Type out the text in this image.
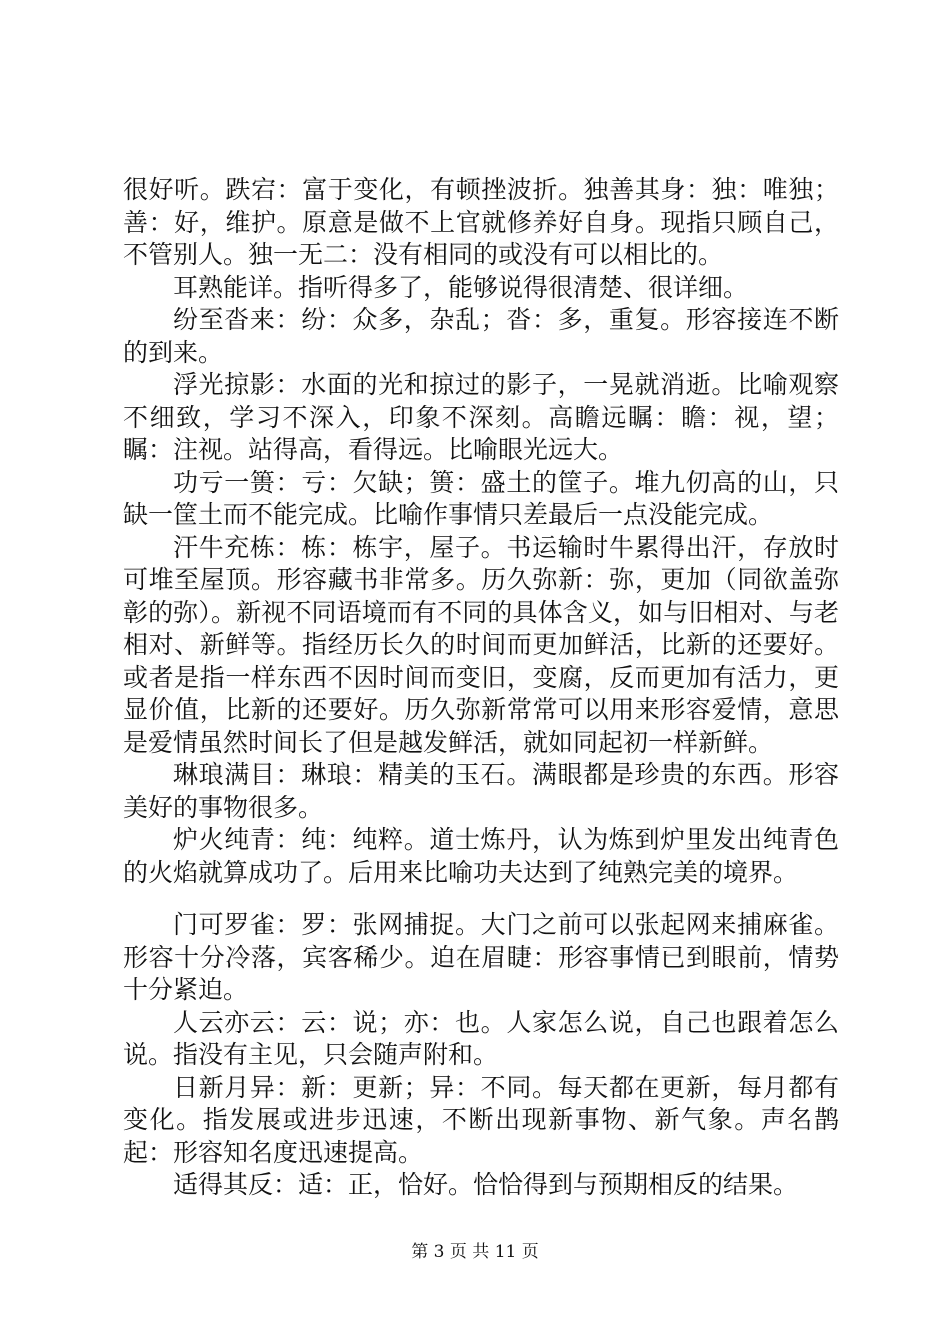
很好听。跌宕：富于变化，有顿挫波折。独善其身：独：唯独；善：好，维护。原意是做不上官就修养好自身。现指只顾自己，不管别人。独一无二：没有相同的或没有可以相比的。

耳熟能详。指听得多了，能够说得很清楚、很详细。

纷至沓来：纷：众多，杂乱；沓：多，重复。形容接连不断的到来。

浮光掠影：水面的光和掠过的影子，一晃就消逝。比喻观察不细致，学习不深入，印象不深刻。高瞻远瞩：瞻：视，望；瞩：注视。站得高，看得远。比喻眼光远大。

功亏一篑：亏：欠缺；篑：盛土的筐子。堆九仞高的山，只缺一筐土而不能完成。比喻作事情只差最后一点没能完成。

汗牛充栋：栋：栋宇，屋子。书运输时牛累得出汗，存放时可堆至屋顶。形容藏书非常多。历久弥新：弥，更加（同欲盖弥彰的弥）。新视不同语境而有不同的具体含义，如与旧相对、与老相对、新鲜等。指经历长久的时间而更加鲜活，比新的还要好。或者是指一样东西不因时间而变旧，变腐，反而更加有活力，更显价值，比新的还要好。历久弥新常常可以用来形容爱情，意思是爱情虽然时间长了但是越发鲜活，就如同起初一样新鲜。

琳琅满目：琳琅：精美的玉石。满眼都是珍贵的东西。形容美好的事物很多。

炉火纯青：纯：纯粹。道士炼丹，认为炼到炉里发出纯青色的火焰就算成功了。后用来比喻功夫达到了纯熟完美的境界。

门可罗雀：罗：张网捕捉。大门之前可以张起网来捕麻雀。形容十分冷落，宾客稀少。迫在眉睫：形容事情已到眼前，情势十分紧迫。

人云亦云：云：说；亦：也。人家怎么说，自己也跟着怎么说。指没有主见，只会随声附和。

日新月异：新：更新；异：不同。每天都在更新，每月都有变化。指发展或进步迅速，不断出现新事物、新气象。声名鹊起：形容知名度迅速提高。

适得其反：适：正，恰好。恰恰得到与预期相反的结果。

第 3 页 共 11 页
